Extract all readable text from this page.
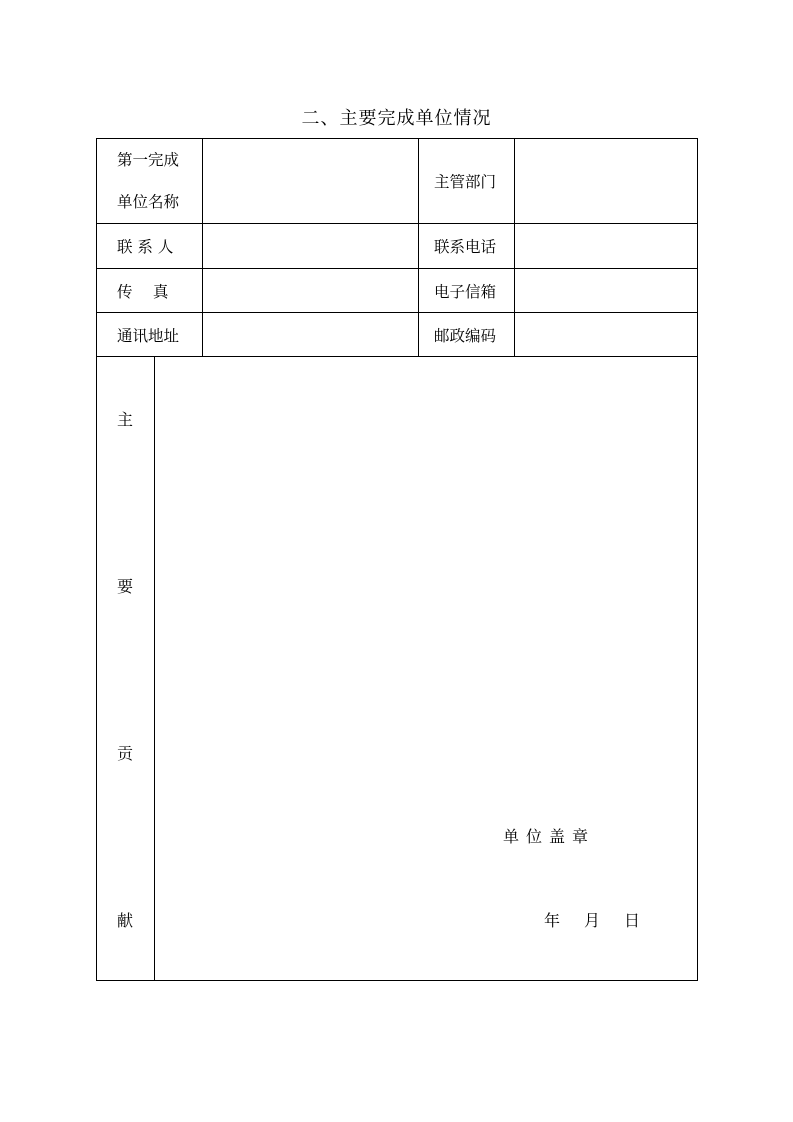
二、主要完成单位情况
第一完成
单位名称			主管部门	
联 系 人			联系电话	
传　 真			电子信箱	
通讯地址			邮政编码	

主
要
贡
献	单位盖章
年 月 日			
